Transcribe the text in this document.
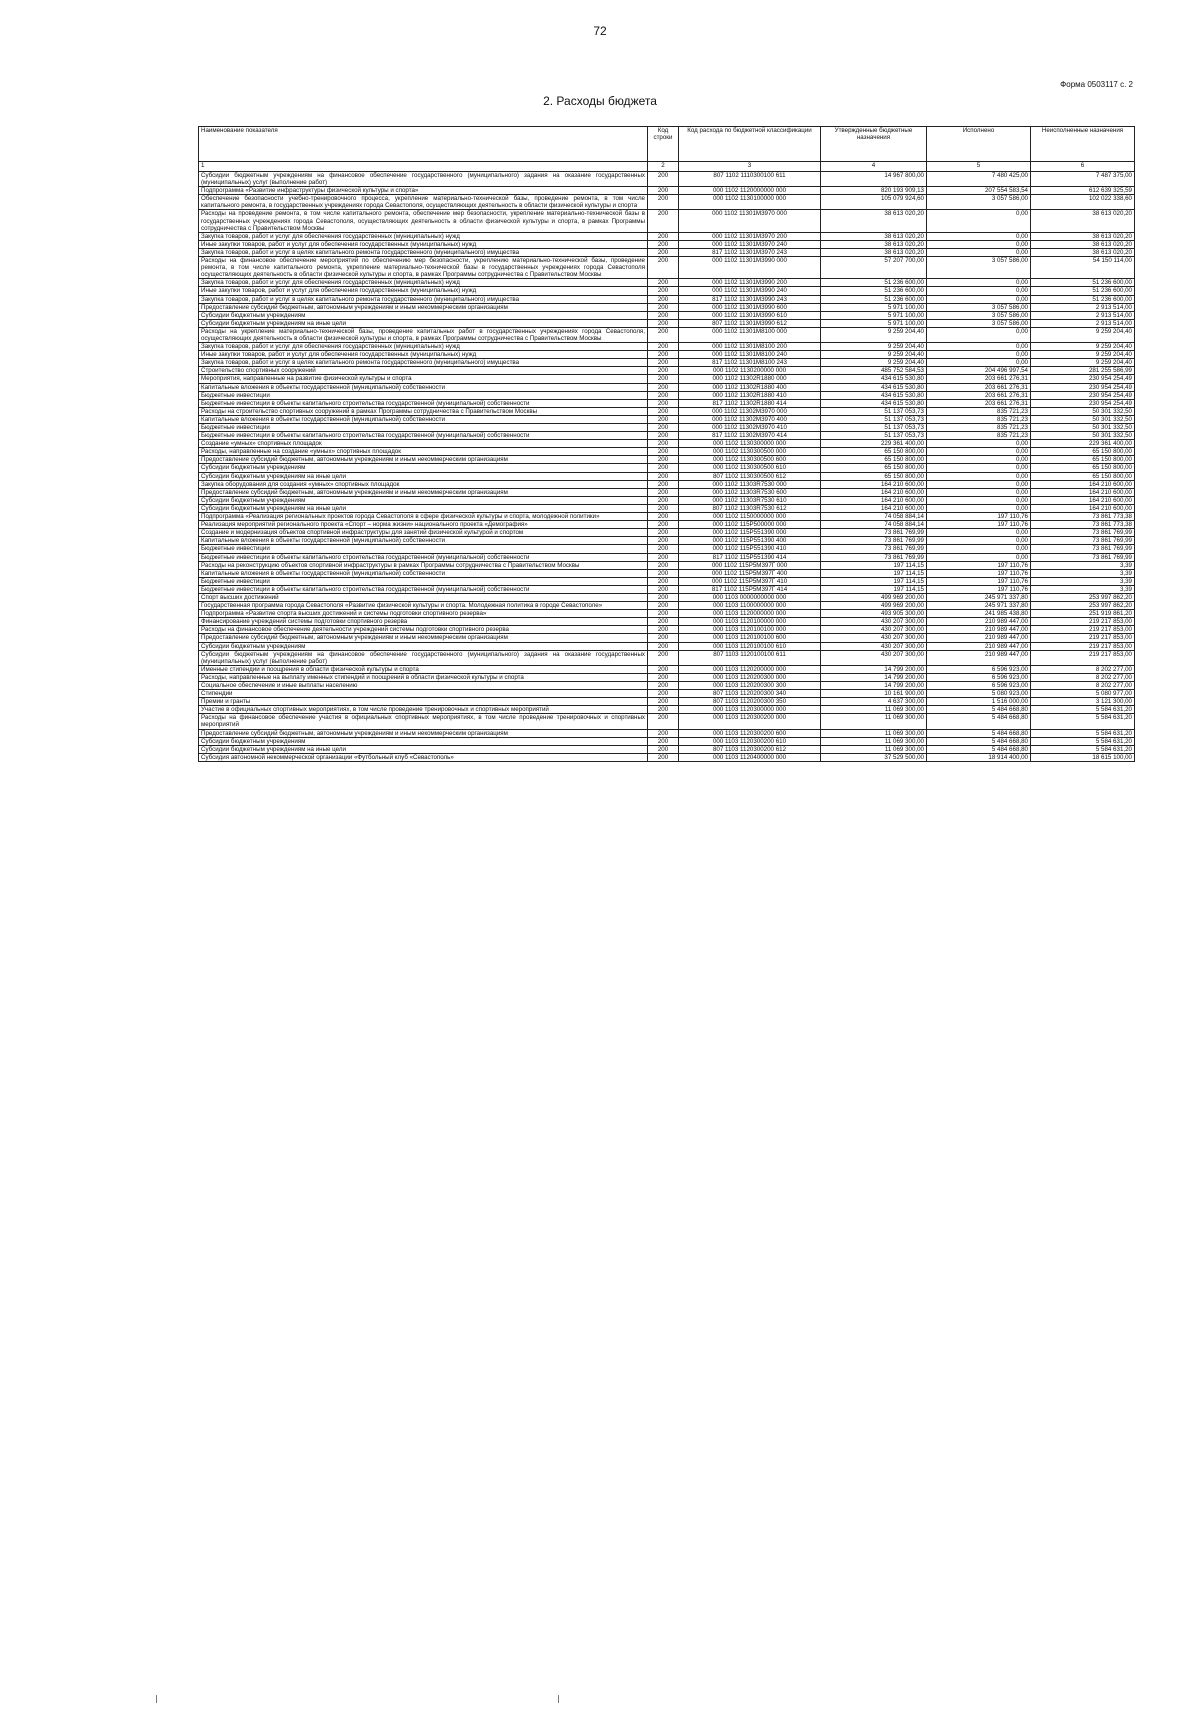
72
Форма 0503117 с. 2
2. Расходы бюджета
Наименование показателя	Код строки	Код расхода по бюджетной классификации	Утвержденные бюджетные назначения	Исполнено	Неисполненные назначения
1	2	3	4	5	6
Субсидии бюджетным учреждениям на финансовое обеспечение государственного (муниципального) задания на оказание государственных (муниципальных) услуг (выполнение работ)	200	807 1102 1110300100 611	14 967 800,00	7 480 425,00	7 487 375,00
Подпрограмма «Развитие инфраструктуры физической культуры и спорта»	200	000 1102 1120000000 000	820 193 909,13	207 554 583,54	612 639 325,59
Обеспечение безопасности учебно-тренировочного процесса, укрепление материально-технической базы, проведение ремонта, в том числе капитального ремонта, в государственных учреждениях города Севастополя, осуществляющих деятельность в области физической культуры и спорта	200	000 1102 1130100000 000	105 079 924,60	3 057 586,00	102 022 338,60
Расходы на проведение ремонта, в том числе капитального ремонта, обеспечение мер безопасности, укрепление материально-технической базы в государственных учреждениях города Севастополя, осуществляющих деятельность в области физической культуры и спорта, в рамках Программы сотрудничества с Правительством Москвы	200	000 1102 11301М3970 000	38 613 020,20	0,00	38 613 020,20
Закупка товаров, работ и услуг для обеспечения государственных (муниципальных) нужд	200	000 1102 11301М3970 200	38 613 020,20	0,00	38 613 020,20
Иные закупки товаров, работ и услуг для обеспечения государственных (муниципальных) нужд	200	000 1102 11301М3970 240	38 613 020,20	0,00	38 613 020,20
Закупка товаров, работ и услуг в целях капитального ремонта государственного (муниципального) имущества	200	817 1102 11301М3970 243	38 613 020,20	0,00	38 613 020,20
Расходы на финансовое обеспечение мероприятий по обеспечению мер безопасности, укреплению материально-технической базы, проведение ремонта, в том числе капитального ремонта, укрепление материально-технической базы в государственных учреждениях города Севастополя осуществляющих деятельность в области физической культуры и спорта, в рамках Программы сотрудничества с Правительством Москвы	200	000 1102 11301М3990 000	57 207 700,00	3 057 586,00	54 150 114,00
Закупка товаров, работ и услуг для обеспечения государственных (муниципальных) нужд	200	000 1102 11301М3990 200	51 236 600,00	0,00	51 236 600,00
Иные закупки товаров, работ и услуг для обеспечения государственных (муниципальных) нужд	200	000 1102 11301М3990 240	51 236 600,00	0,00	51 236 600,00
Закупка товаров, работ и услуг в целях капитального ремонта государственного (муниципального) имущества	200	817 1102 11301М3990 243	51 236 600,00	0,00	51 236 600,00
Предоставление субсидий бюджетным, автономным учреждениям и иным некоммерческим организациям	200	000 1102 11301М3990 600	5 971 100,00	3 057 586,00	2 913 514,00
Субсидии бюджетным учреждениям	200	000 1102 11301М3990 610	5 971 100,00	3 057 586,00	2 913 514,00
Субсидии бюджетным учреждениям на иные цели	200	807 1102 11301М3990 612	5 971 100,00	3 057 586,00	2 913 514,00
Расходы на укрепление материально-технической базы, проведение капитальных работ в государственных учреждениях города Севастополя, осуществляющих деятельность в области физической культуры и спорта, в рамках Программы сотрудничества с Правительством Москвы	200	000 1102 11301М8100 000	9 259 204,40	0,00	9 259 204,40
Закупка товаров, работ и услуг для обеспечения государственных (муниципальных) нужд	200	000 1102 11301М8100 200	9 259 204,40	0,00	9 259 204,40
Иные закупки товаров, работ и услуг для обеспечения государственных (муниципальных) нужд	200	000 1102 11301М8100 240	9 259 204,40	0,00	9 259 204,40
Закупка товаров, работ и услуг в целях капитального ремонта государственного (муниципального) имущества	200	817 1102 11301М8100 243	9 259 204,40	0,00	9 259 204,40
Строительство спортивных сооружений	200	000 1102 1130200000 000	485 752 584,53	204 496 997,54	281 255 586,99
Мероприятия, направленные на развитие физической культуры и спорта	200	000 1102 11302R1880 000	434 615 530,80	203 661 276,31	230 954 254,49
Капитальные вложения в объекты государственной (муниципальной) собственности	200	000 1102 11302R1880 400	434 615 530,80	203 661 276,31	230 954 254,49
Бюджетные инвестиции	200	000 1102 11302R1880 410	434 615 530,80	203 661 276,31	230 954 254,49
Бюджетные инвестиции в объекты капитального строительства государственной (муниципальной) собственности	200	817 1102 11302R1880 414	434 615 530,80	203 661 276,31	230 954 254,49
Расходы на строительство спортивных сооружений в рамках Программы сотрудничества с Правительством Москвы	200	000 1102 11302М3970 000	51 137 053,73	835 721,23	50 301 332,50
Капитальные вложения в объекты государственной (муниципальной) собственности	200	000 1102 11302М3970 400	51 137 053,73	835 721,23	50 301 332,50
Бюджетные инвестиции	200	000 1102 11302М3970 410	51 137 053,73	835 721,23	50 301 332,50
Бюджетные инвестиции в объекты капитального строительства государственной (муниципальной) собственности	200	817 1102 11302М3970 414	51 137 053,73	835 721,23	50 301 332,50
Создание «умных» спортивных площадок	200	000 1102 1130300000 000	229 361 400,00	0,00	229 361 400,00
Расходы, направленные на создание «умных» спортивных площадок	200	000 1102 1130300500 000	65 150 800,00	0,00	65 150 800,00
Предоставление субсидий бюджетным, автономным учреждениям и иным некоммерческим организациям	200	000 1102 1130300500 600	65 150 800,00	0,00	65 150 800,00
Субсидии бюджетным учреждениям	200	000 1102 1130300500 610	65 150 800,00	0,00	65 150 800,00
Субсидии бюджетным учреждениям на иные цели	200	807 1102 1130300500 612	65 150 800,00	0,00	65 150 800,00
Закупка оборудования для создания «умных» спортивных площадок	200	000 1102 11303R7530 000	164 210 600,00	0,00	164 210 600,00
Предоставление субсидий бюджетным, автономным учреждениям и иным некоммерческим организациям	200	000 1102 11303R7530 600	164 210 600,00	0,00	164 210 600,00
Субсидии бюджетным учреждениям	200	000 1102 11303R7530 610	164 210 600,00	0,00	164 210 600,00
Субсидии бюджетным учреждениям на иные цели	200	807 1102 11303R7530 612	164 210 600,00	0,00	164 210 600,00
Подпрограмма «Реализация региональных проектов города Севастополя в сфере физической культуры и спорта, молодежной политики»	200	000 1102 1150000000 000	74 058 884,14	197 110,76	73 861 773,38
Реализация мероприятий регионального проекта «Спорт – норма жизни» национального проекта «Демография»	200	000 1102 115P500000 000	74 058 884,14	197 110,76	73 861 773,38
Создание и модернизация объектов спортивной инфраструктуры для занятий физической культурой и спортом	200	000 1102 115P551390 000	73 861 769,99	0,00	73 861 769,99
Капитальные вложения в объекты государственной (муниципальной) собственности	200	000 1102 115P551390 400	73 861 769,99	0,00	73 861 769,99
Бюджетные инвестиции	200	000 1102 115P551390 410	73 861 769,99	0,00	73 861 769,99
Бюджетные инвестиции в объекты капитального строительства государственной (муниципальной) собственности	200	817 1102 115P551390 414	73 861 769,99	0,00	73 861 769,99
Расходы на реконструкцию объектов спортивной инфраструктуры в рамках Программы сотрудничества с Правительством Москвы	200	000 1102 115P5М397Г 000	197 114,15	197 110,76	3,39
Капитальные вложения в объекты государственной (муниципальной) собственности	200	000 1102 115P5М397Г 400	197 114,15	197 110,76	3,39
Бюджетные инвестиции	200	000 1102 115P5М397Г 410	197 114,15	197 110,76	3,39
Бюджетные инвестиции в объекты капитального строительства государственной (муниципальной) собственности	200	817 1102 115P5М397Г 414	197 114,15	197 110,76	3,39
Спорт высших достижений	200	000 1103 0000000000 000	499 969 200,00	245 971 337,80	253 997 862,20
Государственная программа города Севастополя «Развитие физической культуры и спорта. Молодежная политика в городе Севастополе»	200	000 1103 1100000000 000	499 969 200,00	245 971 337,80	253 997 862,20
Подпрограмма «Развитие спорта высших достижений и системы подготовки спортивного резерва»	200	000 1103 1120000000 000	493 905 300,00	241 985 438,80	251 919 861,20
Финансирование учреждений системы подготовки спортивного резерва	200	000 1103 1120100000 000	430 207 300,00	210 989 447,00	219 217 853,00
Расходы на финансовое обеспечение деятельности учреждений системы подготовки спортивного резерва	200	000 1103 1120100100 000	430 207 300,00	210 989 447,00	219 217 853,00
Предоставление субсидий бюджетным, автономным учреждениям и иным некоммерческим организациям	200	000 1103 1120100100 600	430 207 300,00	210 989 447,00	219 217 853,00
Субсидии бюджетным учреждениям	200	000 1103 1120100100 610	430 207 300,00	210 989 447,00	219 217 853,00
Субсидии бюджетным учреждениям на финансовое обеспечение государственного (муниципального) задания на оказание государственных (муниципальных) услуг (выполнение работ)	200	807 1103 1120100100 611	430 207 300,00	210 989 447,00	219 217 853,00
Именные стипендии и поощрения в области физической культуры и спорта	200	000 1103 1120200000 000	14 799 200,00	6 596 923,00	8 202 277,00
Расходы, направленные на выплату именных стипендий и поощрений в области физической культуры и спорта	200	000 1103 1120200300 000	14 799 200,00	6 596 923,00	8 202 277,00
Социальное обеспечение и иные выплаты населению	200	000 1103 1120200300 300	14 799 200,00	6 596 923,00	8 202 277,00
Стипендии	200	807 1103 1120200300 340	10 161 900,00	5 080 923,00	5 080 977,00
Премии и гранты	200	807 1103 1120200300 350	4 637 300,00	1 516 000,00	3 121 300,00
Участие в официальных спортивных мероприятиях, в том числе проведение тренировочных и спортивных мероприятий	200	000 1103 1120300000 000	11 069 300,00	5 484 668,80	5 584 631,20
Расходы на финансовое обеспечение участия в официальных спортивных мероприятиях, в том числе проведение тренировочных и спортивных мероприятий	200	000 1103 1120300200 000	11 069 300,00	5 484 668,80	5 584 631,20
Предоставление субсидий бюджетным, автономным учреждениям и иным некоммерческим организациям	200	000 1103 1120300200 600	11 069 300,00	5 484 668,80	5 584 631,20
Субсидии бюджетным учреждениям	200	000 1103 1120300200 610	11 069 300,00	5 484 668,80	5 584 631,20
Субсидии бюджетным учреждениям на иные цели	200	807 1103 1120300200 612	11 069 300,00	5 484 668,80	5 584 631,20
Субсидия автономной некоммерческой организации «Футбольный клуб «Севастополь»	200	000 1103 1120400000 000	37 529 500,00	18 914 400,00	18 615 100,00
